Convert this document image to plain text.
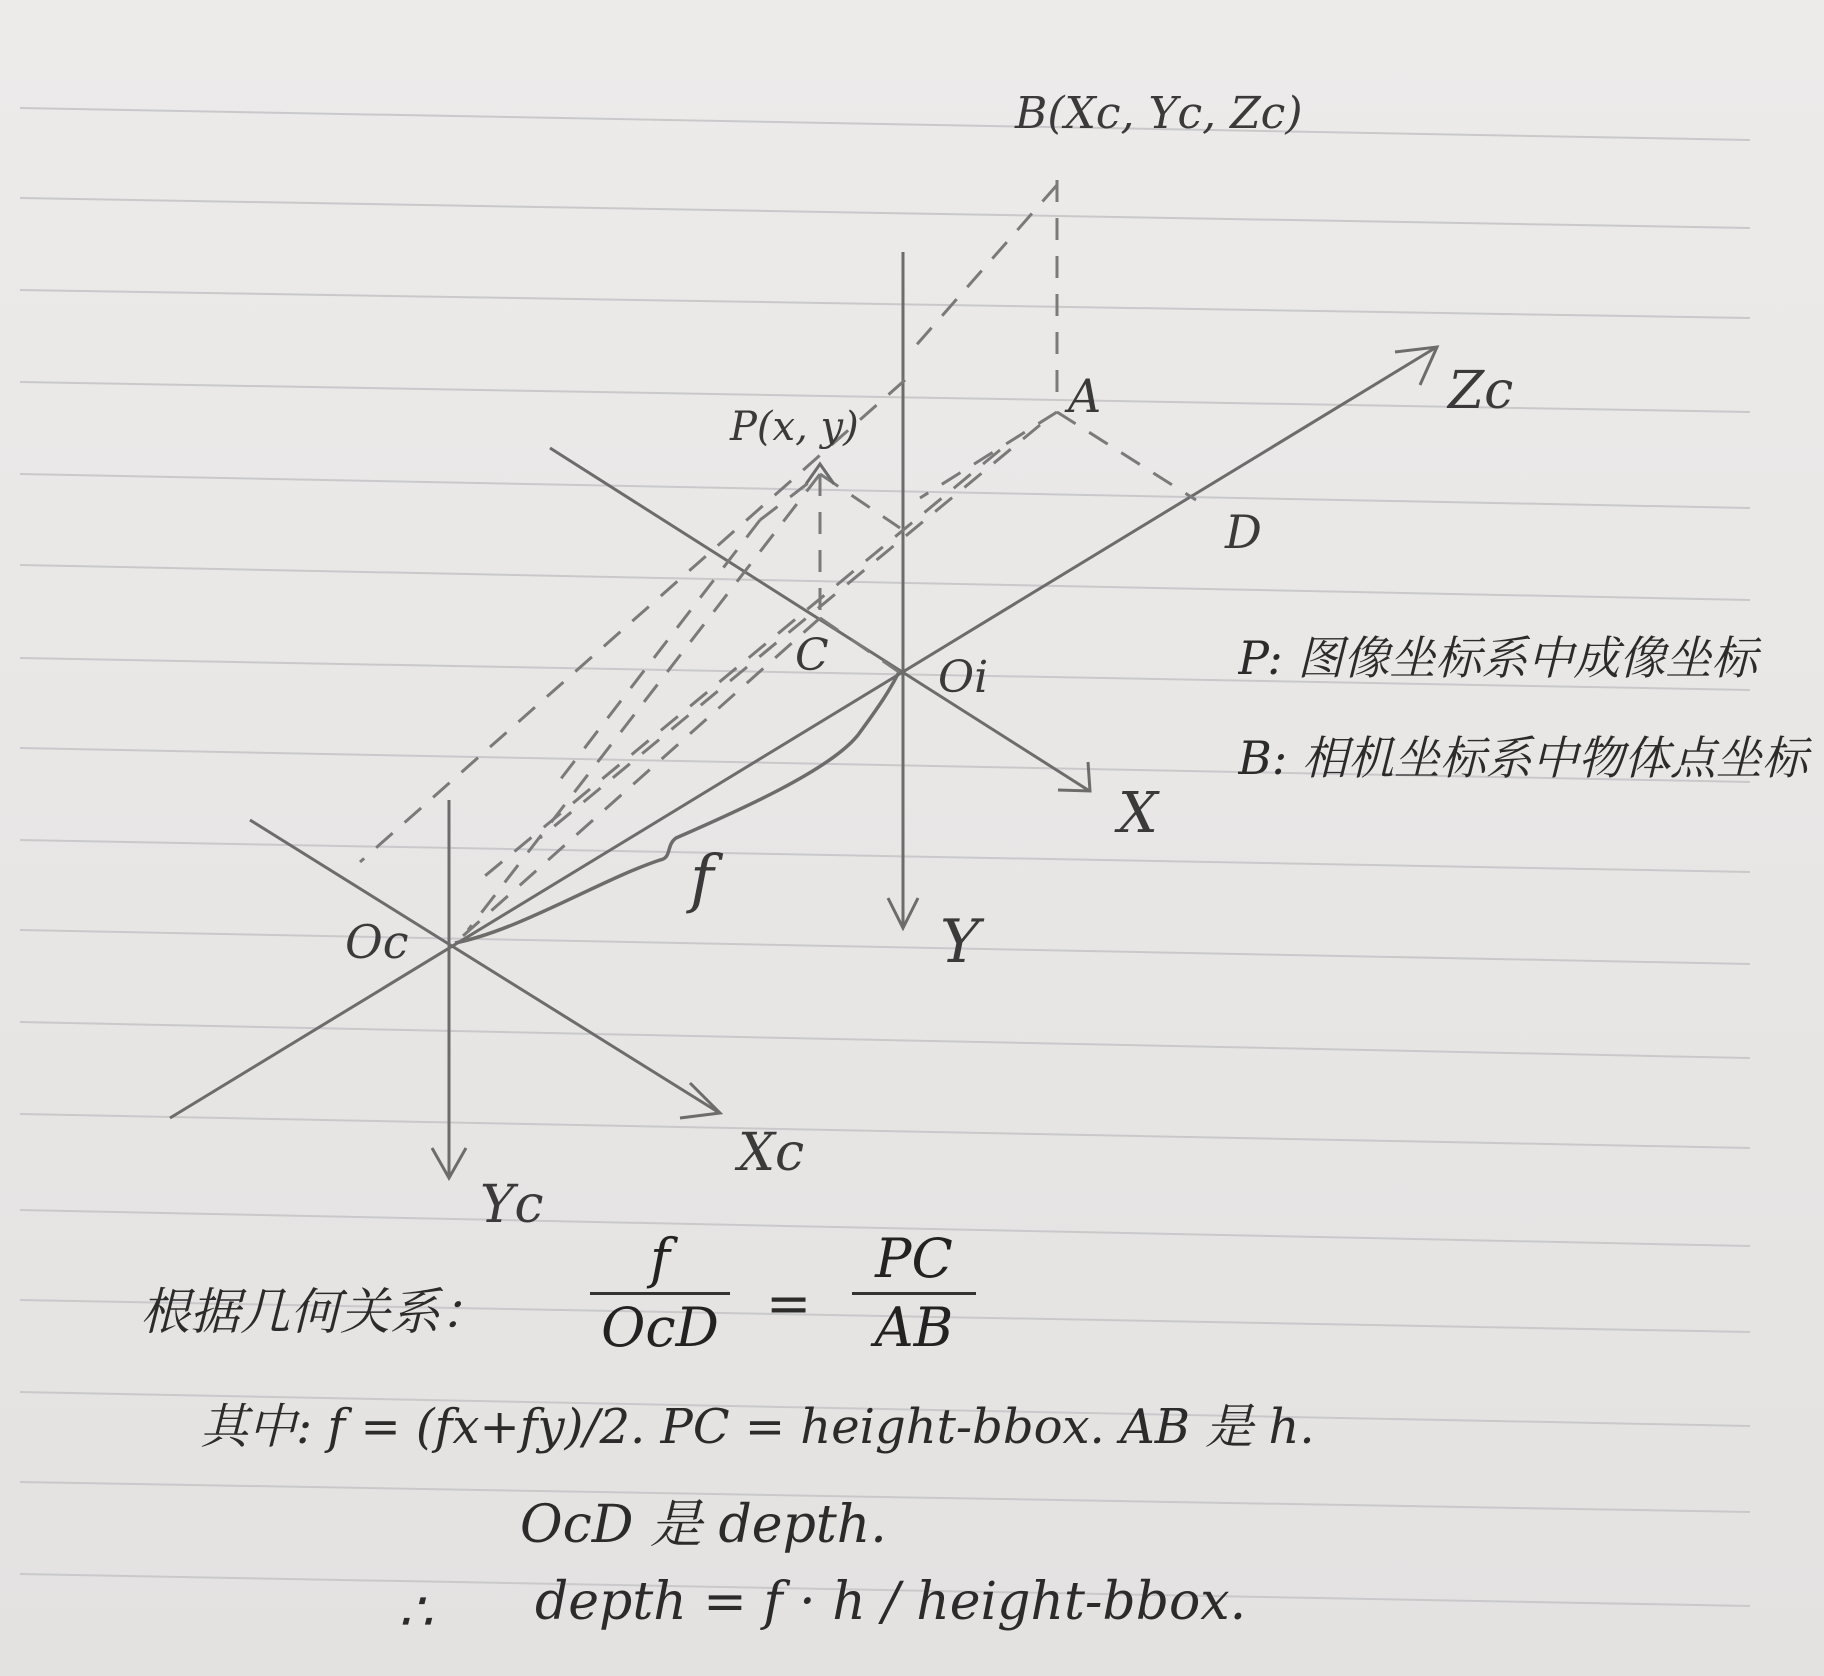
B(Xc, Yc, Zc)
A
D
C
P(x, y)
Oi
Oc
f
Zc
X
Y
Xc
Yc
P: 图像坐标系中成像坐标
B: 相机坐标系中物体点坐标
根据几何关系：
f
OcD =
PC
AB
其中: f = (fx+fy)/2. PC = height-bbox. AB 是 h.
OcD 是 depth.
∴ depth = f · h / height-bbox.
